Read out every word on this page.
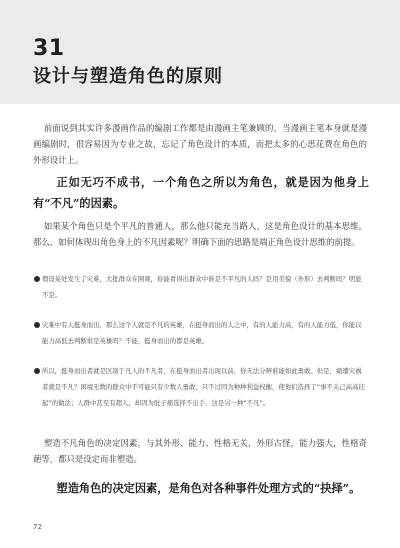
31
设计与塑造角色的原则

前面说到其实许多漫画作品的编剧工作都是由漫画主笔兼顾的，当漫画主笔本身就是漫画编剧时，很容易因为专业之故，忘记了角色设计的本质，而把太多的心思花费在角色的外形设计上。

正如无巧不成书，一个角色之所以为角色，就是因为他身上有“不凡”的因素。

如果某个角色只是个平凡的普通人，那么他只能充当路人，这是角色设计的基本思维。那么，如何体现出角色身上的不凡因素呢？明确下面的思路是端正角色设计思维的前提。

假设某处发生了灾难，大批群众在围观，你能看得出群众中谁是不平凡的人吗？是用美貌（外形）去判断吗？明显不是。
灾难中有人挺身而出，那么这个人就是不凡的英雄，在挺身而出的人之中，有的人能力高，有的人能力低，你能以能力高低去判断谁是英雄吗？不能，挺身而出的都是英雄。
所以，挺身而出者就是区别于凡人的不凡者，在挺身而出者出现以前，你无法分辨谁能如此勇敢。但是，痛遭灾祸者就是不凡？困境无数的群众中不可能只有少数人勇敢，只不过因为种种利益权衡，使他们选择了“事不关己高高挂起”的做法；人群中甚至有超人，却因为肚子痛选择不出手，这是另一种“不凡”。

塑造不凡角色的决定因素，与其外形、能力、性格无关，外形古怪，能力强大，性格奇葩等，都只是设定而非塑造。

塑造角色的决定因素，是角色对各种事件处理方式的“抉择”。

72
